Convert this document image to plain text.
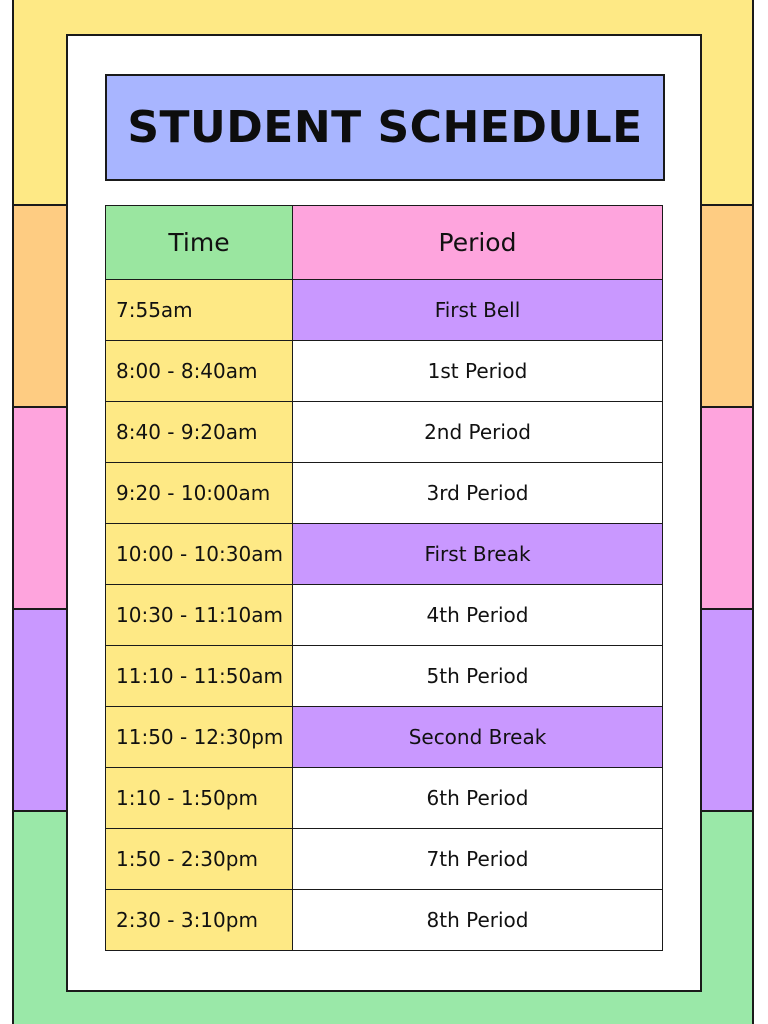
STUDENT SCHEDULE
Time	Period
7:55am	First Bell
8:00 - 8:40am	1st Period
8:40 - 9:20am	2nd Period
9:20 - 10:00am	3rd Period
10:00 - 10:30am	First Break
10:30 - 11:10am	4th Period
11:10 - 11:50am	5th Period
11:50 - 12:30pm	Second Break
1:10 - 1:50pm	6th Period
1:50 - 2:30pm	7th Period
2:30 - 3:10pm	8th Period
